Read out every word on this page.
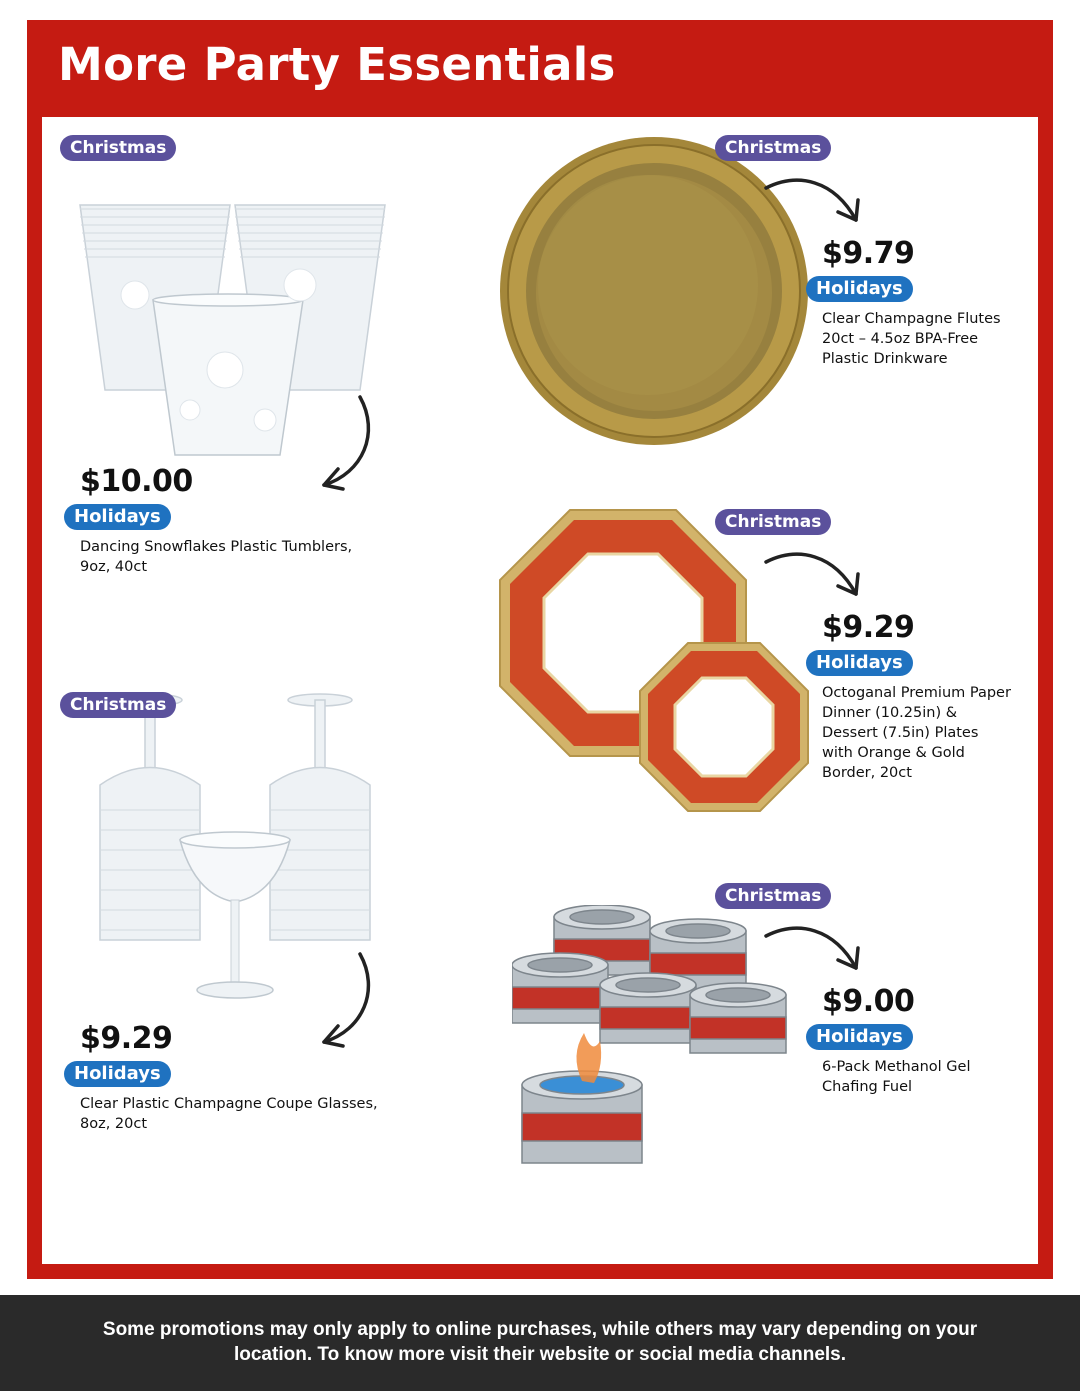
More Party Essentials
Christmas
$10.00
Holidays
Dancing Snowflakes Plastic Tumblers, 9oz, 40ct
Christmas
$9.79
Holidays
Clear Champagne Flutes 20ct – 4.5oz BPA-Free Plastic Drinkware
Christmas
$9.29
Holidays
Octoganal Premium Paper Dinner (10.25in) & Dessert (7.5in) Plates with Orange & Gold Border, 20ct
Christmas
$9.29
Holidays
Clear Plastic Champagne Coupe Glasses, 8oz, 20ct
Christmas
$9.00
Holidays
6-Pack Methanol Gel Chafing Fuel
Some promotions may only apply to online purchases, while others may vary depending on your location. To know more visit their website or social media channels.
